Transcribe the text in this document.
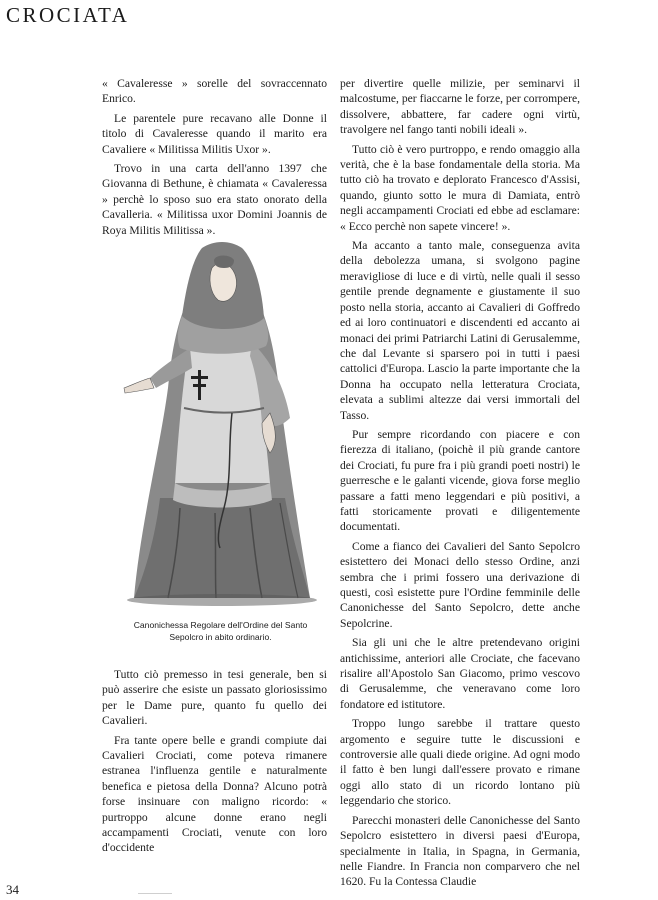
CROCIATA

« Cavaleresse » sorelle del sovraccennato Enrico.

Le parentele pure recavano alle Donne il titolo di Cavaleresse quando il marito era Cavaliere « Militissa Militis Uxor ».

Trovo in una carta dell'anno 1397 che Giovanna di Bethune, è chiamata « Cavaleressa » perchè lo sposo suo era stato onorato della Cavalleria. « Militissa uxor Domini Joannis de Roya Militis Militissa ».

Canonichessa Regolare dell'Ordine del Santo Sepolcro in abito ordinario.

Tutto ciò premesso in tesi generale, ben si può asserire che esiste un passato gloriosissimo per le Dame pure, quanto fu quello dei Cavalieri.

Fra tante opere belle e grandi compiute dai Cavalieri Crociati, come poteva rimanere estranea l'influenza gentile e naturalmente benefica e pietosa della Donna? Alcuno potrà forse insinuare con maligno ricordo: « purtroppo alcune donne erano negli accampamenti Crociati, venute con loro d'occidente

per divertire quelle milizie, per seminarvi il malcostume, per fiaccarne le forze, per corrompere, dissolvere, abbattere, far cadere ogni virtù, travolgere nel fango tanti nobili ideali ».

Tutto ciò è vero purtroppo, e rendo omaggio alla verità, che è la base fondamentale della storia. Ma tutto ciò ha trovato e deplorato Francesco d'Assisi, quando, giunto sotto le mura di Damiata, entrò negli accampamenti Crociati ed ebbe ad esclamare: « Ecco perchè non sapete vincere! ».

Ma accanto a tanto male, conseguenza avita della debolezza umana, si svolgono pagine meravigliose di luce e di virtù, nelle quali il sesso gentile prende degnamente e giustamente il suo posto nella storia, accanto ai Cavalieri di Goffredo ed ai loro continuatori e discendenti ed accanto ai monaci dei primi Patriarchi Latini di Gerusalemme, che dal Levante si sparsero poi in tutti i paesi cattolici d'Europa. Lascio la parte importante che la Donna ha occupato nella letteratura Crociata, elevata a sublimi altezze dai versi immortali del Tasso.

Pur sempre ricordando con piacere e con fierezza di italiano, (poichè il più grande cantore dei Crociati, fu pure fra i più grandi poeti nostri) le guerresche e le galanti vicende, giova forse meglio passare a fatti meno leggendari e più positivi, a fatti storicamente provati e diligentemente documentati.

Come a fianco dei Cavalieri del Santo Sepolcro esistettero dei Monaci dello stesso Ordine, anzi sembra che i primi fossero una derivazione di questi, così esistette pure l'Ordine femminile delle Canonichesse del Santo Sepolcro, dette anche Sepolcrine.

Sia gli uni che le altre pretendevano origini antichissime, anteriori alle Crociate, che facevano risalire all'Apostolo San Giacomo, primo vescovo di Gerusalemme, che veneravano come loro fondatore ed istitutore.

Troppo lungo sarebbe il trattare questo argomento e seguire tutte le discussioni e controversie alle quali diede origine. Ad ogni modo il fatto è ben lungi dall'essere provato e rimane oggi allo stato di un ricordo lontano più leggendario che storico.

Parecchi monasteri delle Canonichesse del Santo Sepolcro esistettero in diversi paesi d'Europa, specialmente in Italia, in Spagna, in Germania, nelle Fiandre. In Francia non comparvero che nel 1620. Fu la Contessa Claudie

34
